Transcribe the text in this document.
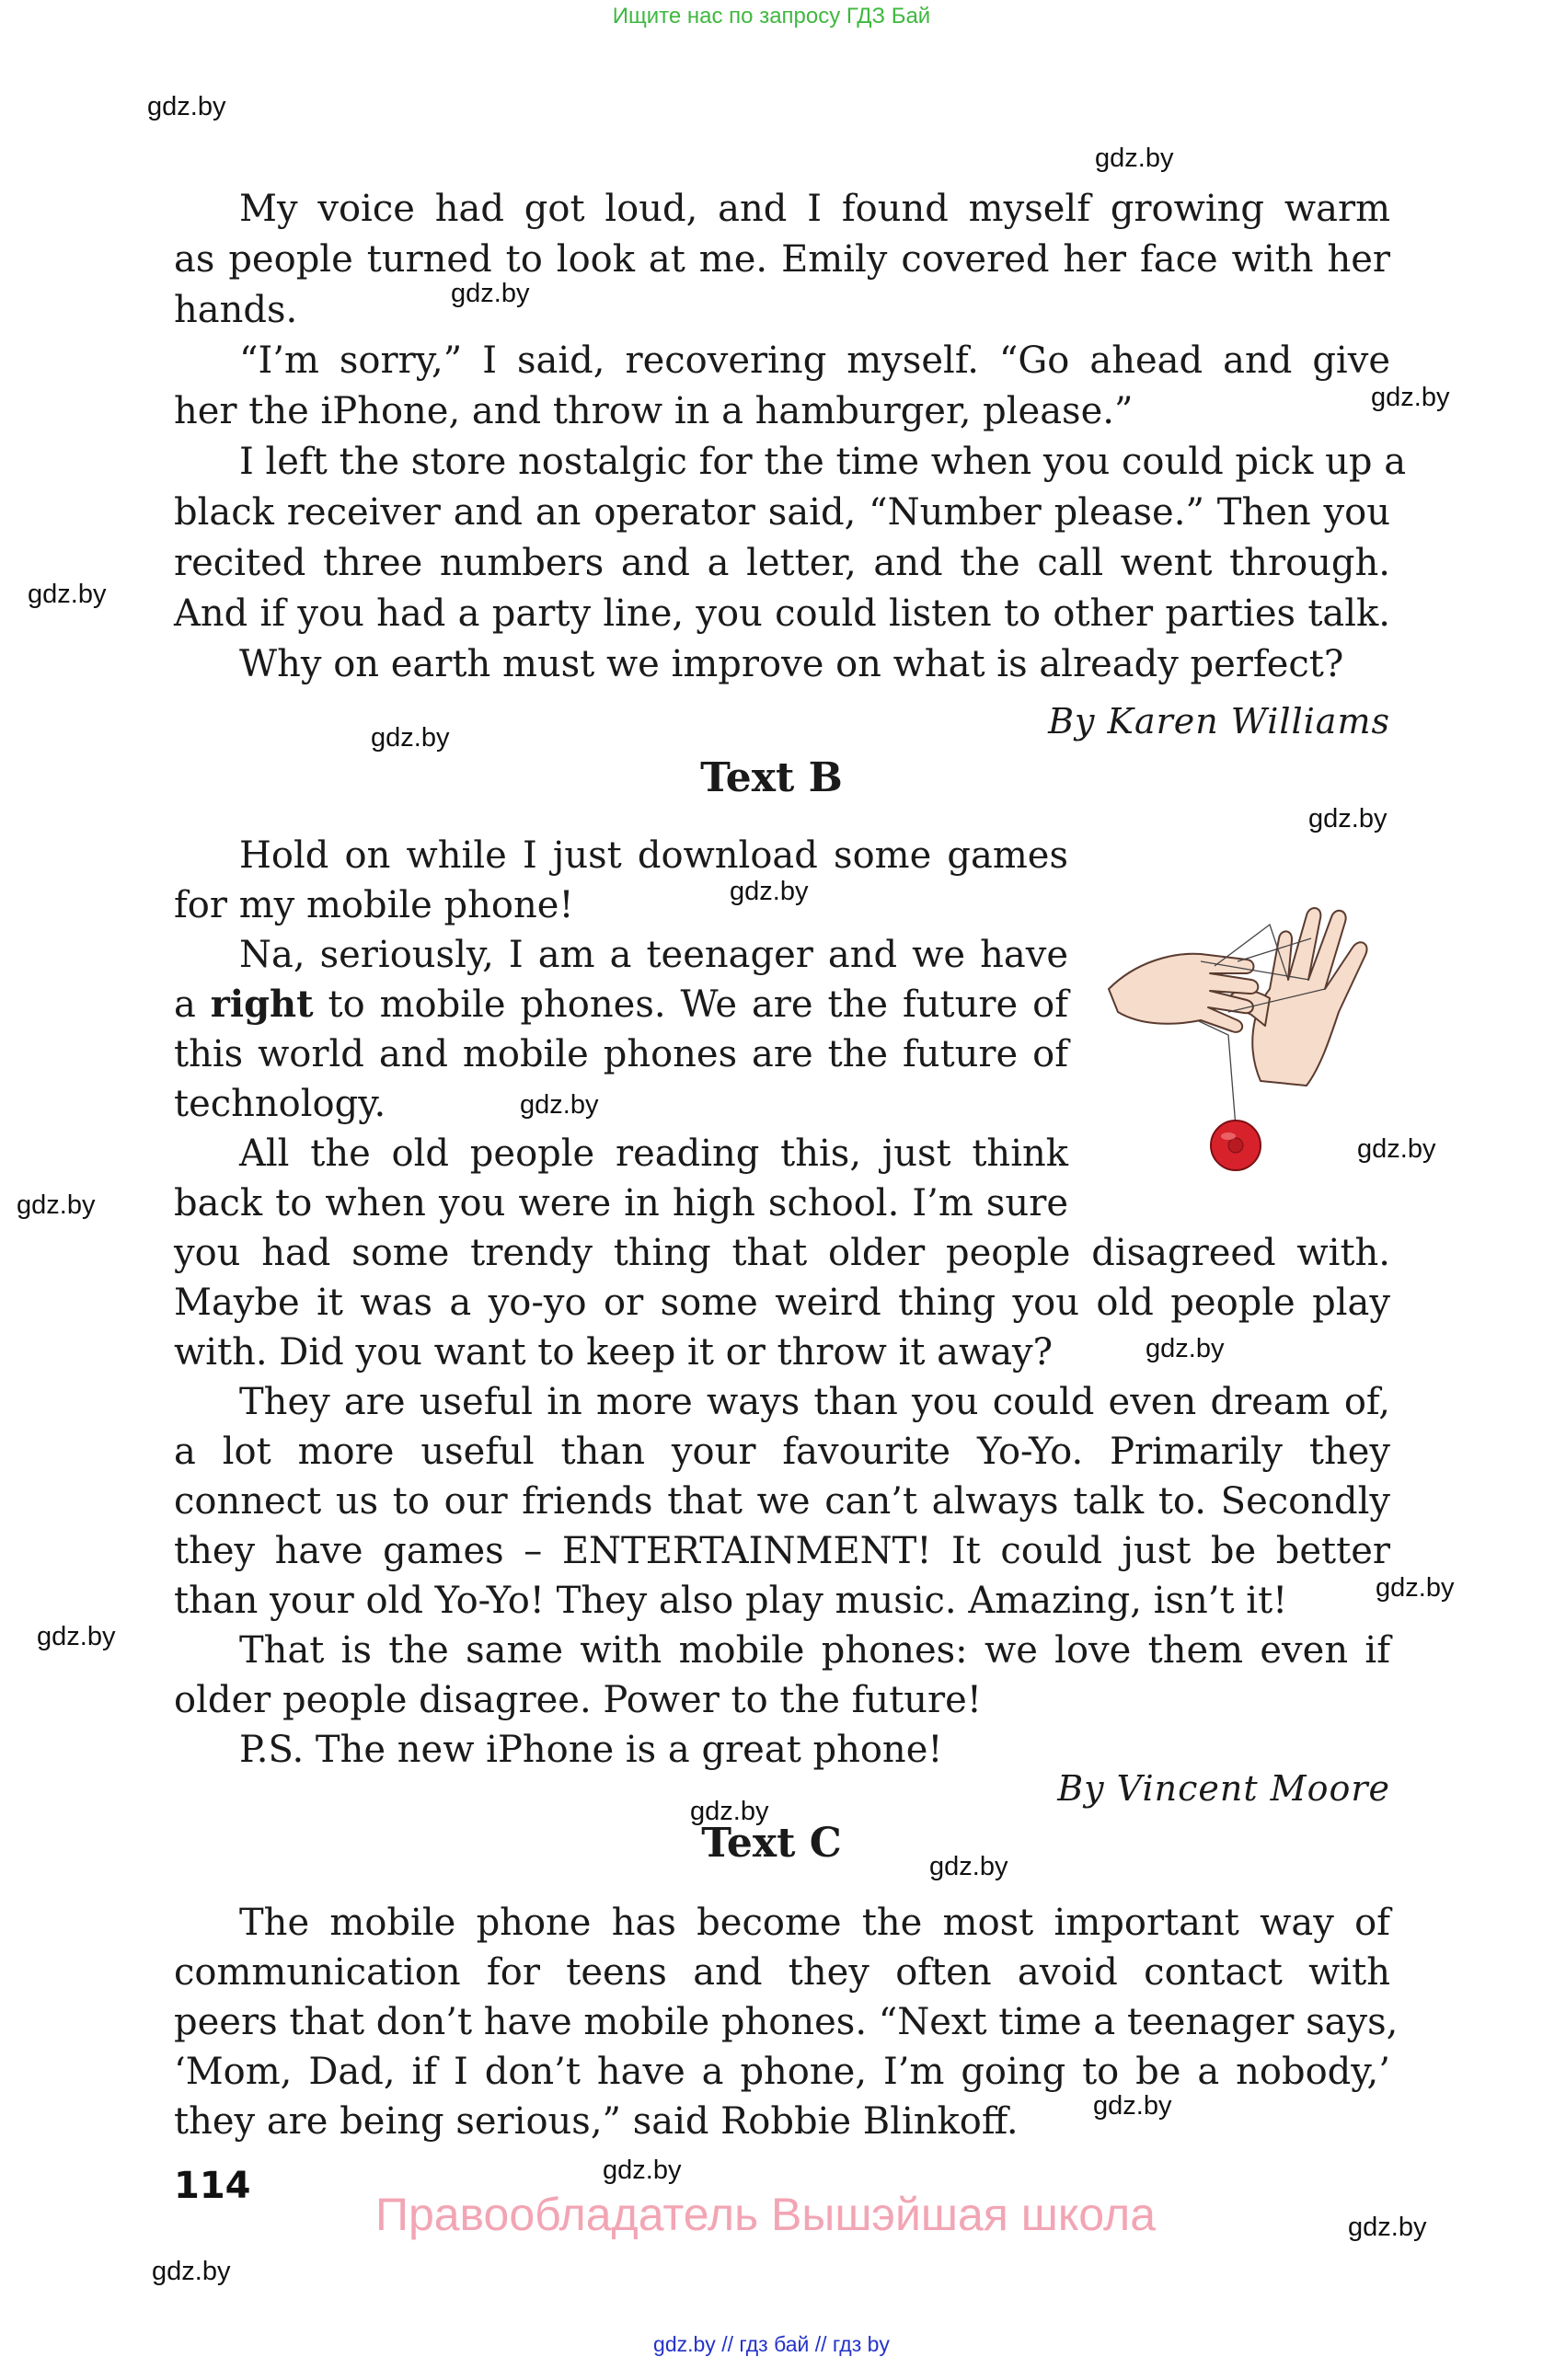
Ищите нас по запросу ГДЗ Бай
gdz.by
gdz.by
gdz.by
gdz.by
gdz.by
gdz.by
gdz.by
gdz.by
gdz.by
gdz.by
gdz.by
gdz.by
gdz.by
gdz.by
gdz.by
gdz.by
gdz.by
gdz.by
gdz.by
gdz.by
My voice had got loud, and I found myself growing warm
as people turned to look at me. Emily covered her face with her
hands.
“I’m sorry,” I said, recovering myself. “Go ahead and give
her the iPhone, and throw in a hamburger, please.”
I left the store nostalgic for the time when you could pick up a
black receiver and an operator said, “Number please.” Then you
recited three numbers and a letter, and the call went through.
And if you had a party line, you could listen to other parties talk.
Why on earth must we improve on what is already perfect?
By Karen Williams
Text B
Hold on while I just download some games
for my mobile phone!
Na, seriously, I am a teenager and we have
a right to mobile phones. We are the future of
this world and mobile phones are the future of
technology.
All the old people reading this, just think
back to when you were in high school. I’m sure
you had some trendy thing that older people disagreed with.
Maybe it was a yo-yo or some weird thing you old people play
with. Did you want to keep it or throw it away?
They are useful in more ways than you could even dream of,
a lot more useful than your favourite Yo-Yo. Primarily they
connect us to our friends that we can’t always talk to. Secondly
they have games – ENTERTAINMENT! It could just be better
than your old Yo-Yo! They also play music. Amazing, isn’t it!
That is the same with mobile phones: we love them even if
older people disagree. Power to the future!
P.S. The new iPhone is a great phone!
By Vincent Moore
Text C
The mobile phone has become the most important way of
communication for teens and they often avoid contact with
peers that don’t have mobile phones. “Next time a teenager says,
‘Mom, Dad, if I don’t have a phone, I’m going to be a nobody,’
they are being serious,” said Robbie Blinkoff.
114
Правообладатель Вышэйшая школа
gdz.by // гдз бай // гдз by
